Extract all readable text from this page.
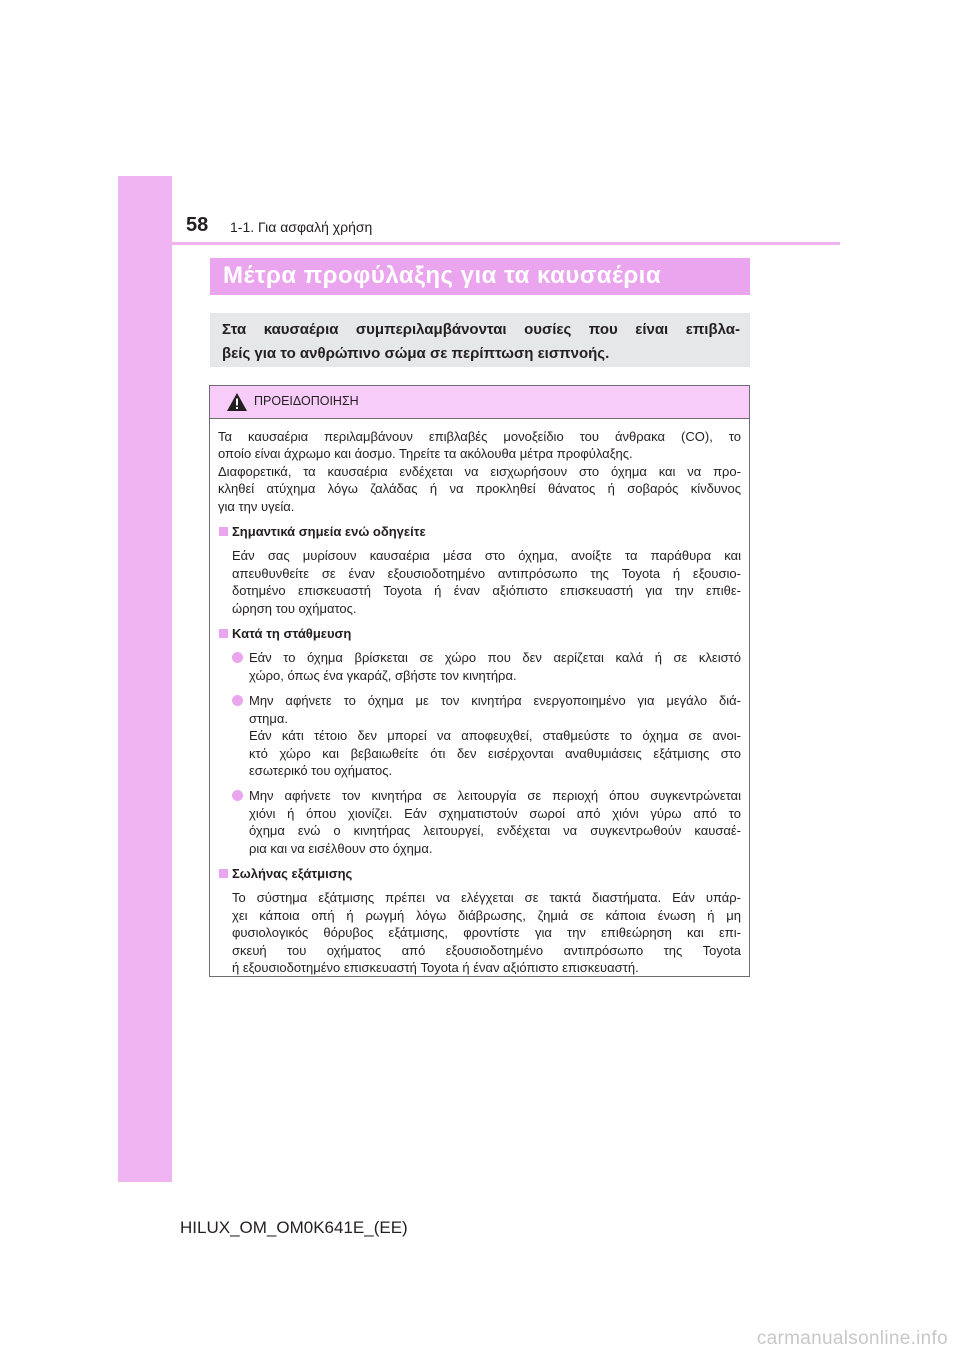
58 1-1. Για ασφαλή χρήση
Μέτρα προφύλαξης για τα καυσαέρια
Στα καυσαέρια συμπεριλαμβάνονται ουσίες που είναι επιβλα-
βείς για το ανθρώπινο σώμα σε περίπτωση εισπνοής.
ΠΡΟΕΙΔΟΠΟΙΗΣΗ
Τα καυσαέρια περιλαμβάνουν επιβλαβές μονοξείδιο του άνθρακα (CO), το
οποίο είναι άχρωμο και άοσμο. Τηρείτε τα ακόλουθα μέτρα προφύλαξης.
Διαφορετικά, τα καυσαέρια ενδέχεται να εισχωρήσουν στο όχημα και να προ-
κληθεί ατύχημα λόγω ζαλάδας ή να προκληθεί θάνατος ή σοβαρός κίνδυνος
για την υγεία.
Σημαντικά σημεία ενώ οδηγείτε
Εάν σας μυρίσουν καυσαέρια μέσα στο όχημα, ανοίξτε τα παράθυρα και
απευθυνθείτε σε έναν εξουσιοδοτημένο αντιπρόσωπο της Toyota ή εξουσιο-
δοτημένο επισκευαστή Toyota ή έναν αξιόπιστο επισκευαστή για την επιθε-
ώρηση του οχήματος.
Κατά τη στάθμευση
Εάν το όχημα βρίσκεται σε χώρο που δεν αερίζεται καλά ή σε κλειστό
χώρο, όπως ένα γκαράζ, σβήστε τον κινητήρα.
Μην αφήνετε το όχημα με τον κινητήρα ενεργοποιημένο για μεγάλο διά-
στημα.
Εάν κάτι τέτοιο δεν μπορεί να αποφευχθεί, σταθμεύστε το όχημα σε ανοι-
κτό χώρο και βεβαιωθείτε ότι δεν εισέρχονται αναθυμιάσεις εξάτμισης στο
εσωτερικό του οχήματος.
Μην αφήνετε τον κινητήρα σε λειτουργία σε περιοχή όπου συγκεντρώνεται
χιόνι ή όπου χιονίζει. Εάν σχηματιστούν σωροί από χιόνι γύρω από το
όχημα ενώ ο κινητήρας λειτουργεί, ενδέχεται να συγκεντρωθούν καυσαέ-
ρια και να εισέλθουν στο όχημα.
Σωλήνας εξάτμισης
Το σύστημα εξάτμισης πρέπει να ελέγχεται σε τακτά διαστήματα. Εάν υπάρ-
χει κάποια οπή ή ρωγμή λόγω διάβρωσης, ζημιά σε κάποια ένωση ή μη
φυσιολογικός θόρυβος εξάτμισης, φροντίστε για την επιθεώρηση και επι-
σκευή του οχήματος από εξουσιοδοτημένο αντιπρόσωπο της Toyota
ή εξουσιοδοτημένο επισκευαστή Toyota ή έναν αξιόπιστο επισκευαστή.
HILUX_OM_OM0K641E_(EE)
carmanualsonline.info
